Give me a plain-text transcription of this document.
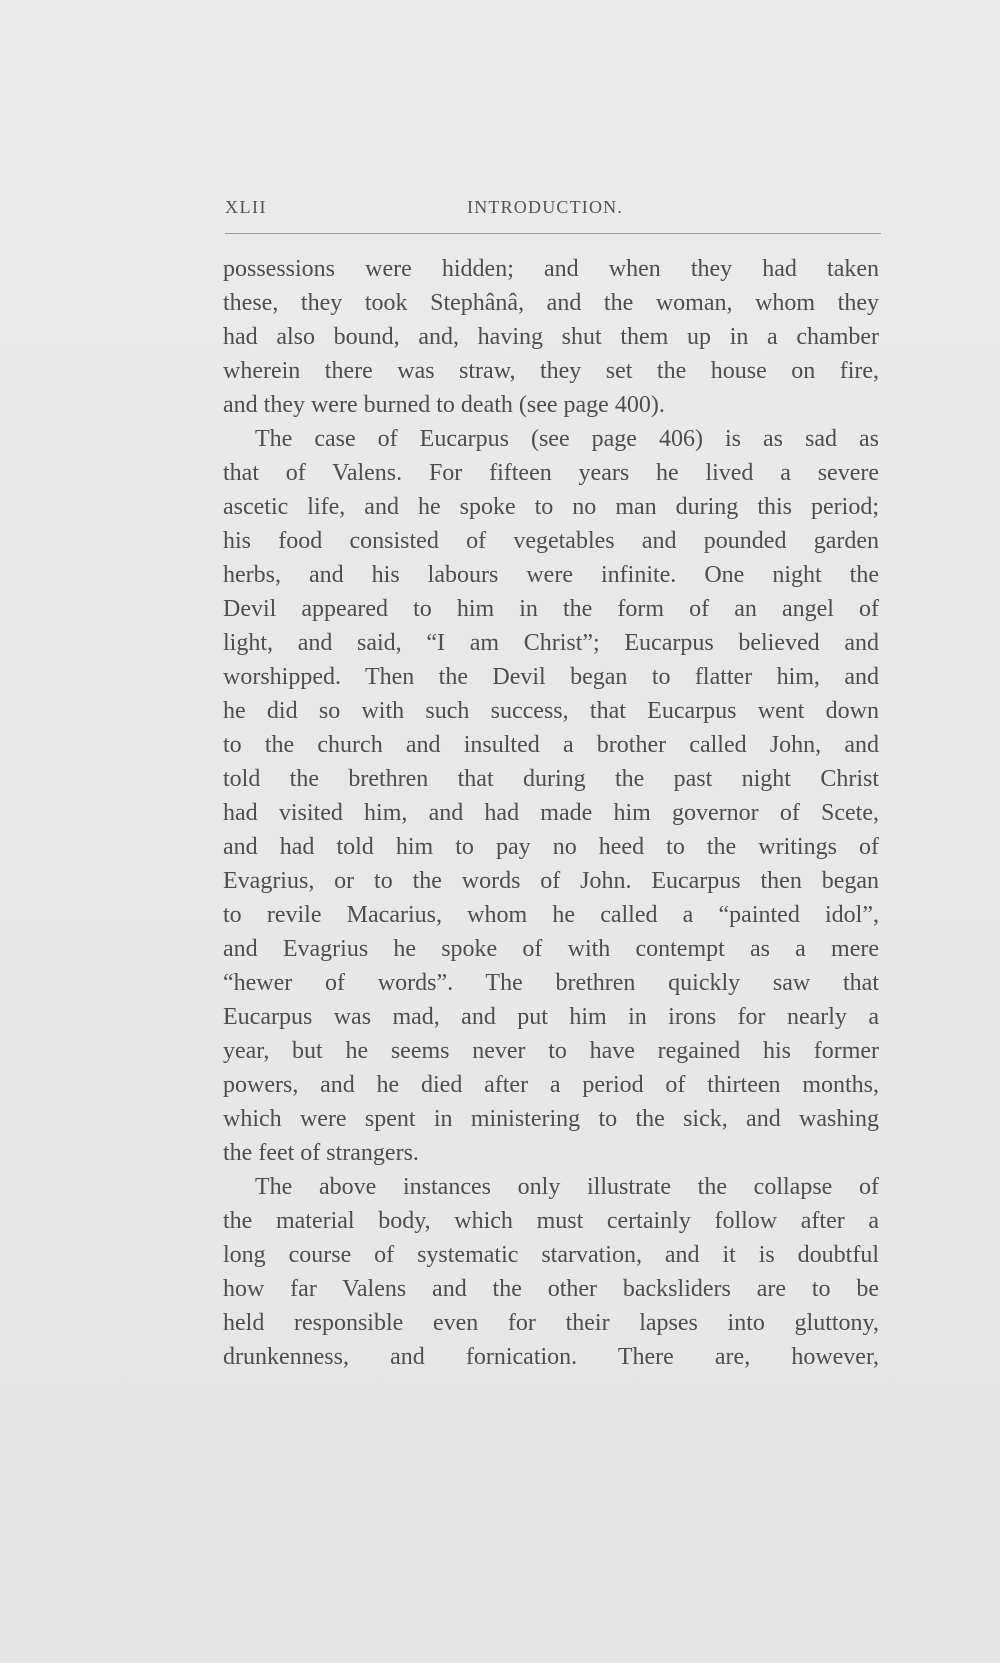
XLII	INTRODUCTION.
possessions were hidden; and when they had taken
these, they took Stephânâ, and the woman, whom they
had also bound, and, having shut them up in a chamber
wherein there was straw, they set the house on fire,
and they were burned to death (see page 400).
The case of Eucarpus (see page 406) is as sad as
that of Valens. For fifteen years he lived a severe
ascetic life, and he spoke to no man during this period;
his food consisted of vegetables and pounded garden
herbs, and his labours were infinite. One night the
Devil appeared to him in the form of an angel of
light, and said, “I am Christ”; Eucarpus believed and
worshipped. Then the Devil began to flatter him, and
he did so with such success, that Eucarpus went down
to the church and insulted a brother called John, and
told the brethren that during the past night Christ
had visited him, and had made him governor of Scete,
and had told him to pay no heed to the writings of
Evagrius, or to the words of John. Eucarpus then began
to revile Macarius, whom he called a “painted idol”,
and Evagrius he spoke of with contempt as a mere
“hewer of words”. The brethren quickly saw that
Eucarpus was mad, and put him in irons for nearly a
year, but he seems never to have regained his former
powers, and he died after a period of thirteen months,
which were spent in ministering to the sick, and washing
the feet of strangers.
The above instances only illustrate the collapse of
the material body, which must certainly follow after a
long course of systematic starvation, and it is doubtful
how far Valens and the other backsliders are to be
held responsible even for their lapses into gluttony,
drunkenness, and fornication. There are, however,
